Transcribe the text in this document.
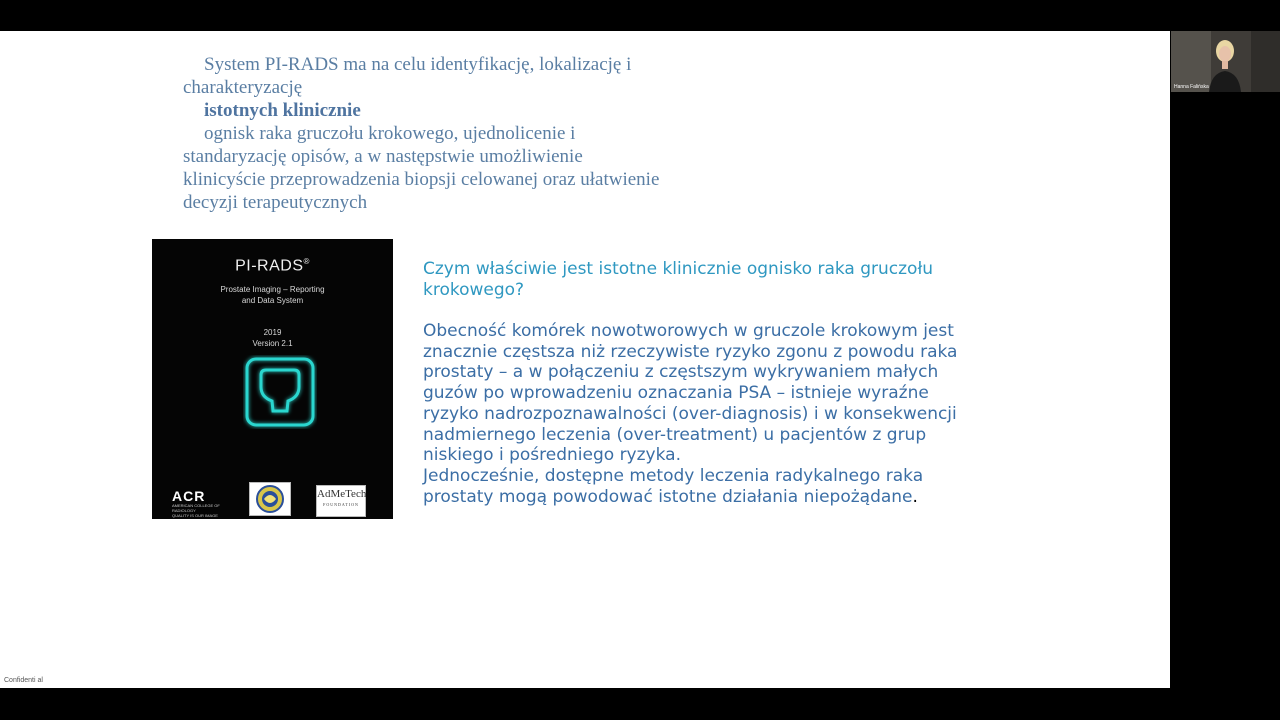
System PI-RADS ma na celu identyfikację, lokalizację i
charakteryzację
istotnych klinicznie
ognisk raka gruczołu krokowego, ujednolicenie i
standaryzację opisów, a w następstwie umożliwienie
klinicyście przeprowadzenia biopsji celowanej oraz ułatwienie
decyzji terapeutycznych
PI-RADS®
Prostate Imaging – Reporting
and Data System
2019
Version 2.1
ACR
AMERICAN COLLEGE OF
RADIOLOGY
QUALITY IS OUR IMAGE
AdMeTech
FOUNDATION
Czym właściwie jest istotne klinicznie ognisko raka gruczołu krokowego?
Obecność komórek nowotworowych w gruczole krokowym jest
znacznie częstsza niż rzeczywiste ryzyko zgonu z powodu raka
prostaty – a w połączeniu z częstszym wykrywaniem małych
guzów po wprowadzeniu oznaczania PSA – istnieje wyraźne
ryzyko nadrozpoznawalności (over-diagnosis) i w konsekwencji
nadmiernego leczenia (over-treatment) u pacjentów z grup
niskiego i pośredniego ryzyka.
Jednocześnie, dostępne metody leczenia radykalnego raka
prostaty mogą powodować istotne działania niepożądane.
Confidenti al
Hanna Falińska
